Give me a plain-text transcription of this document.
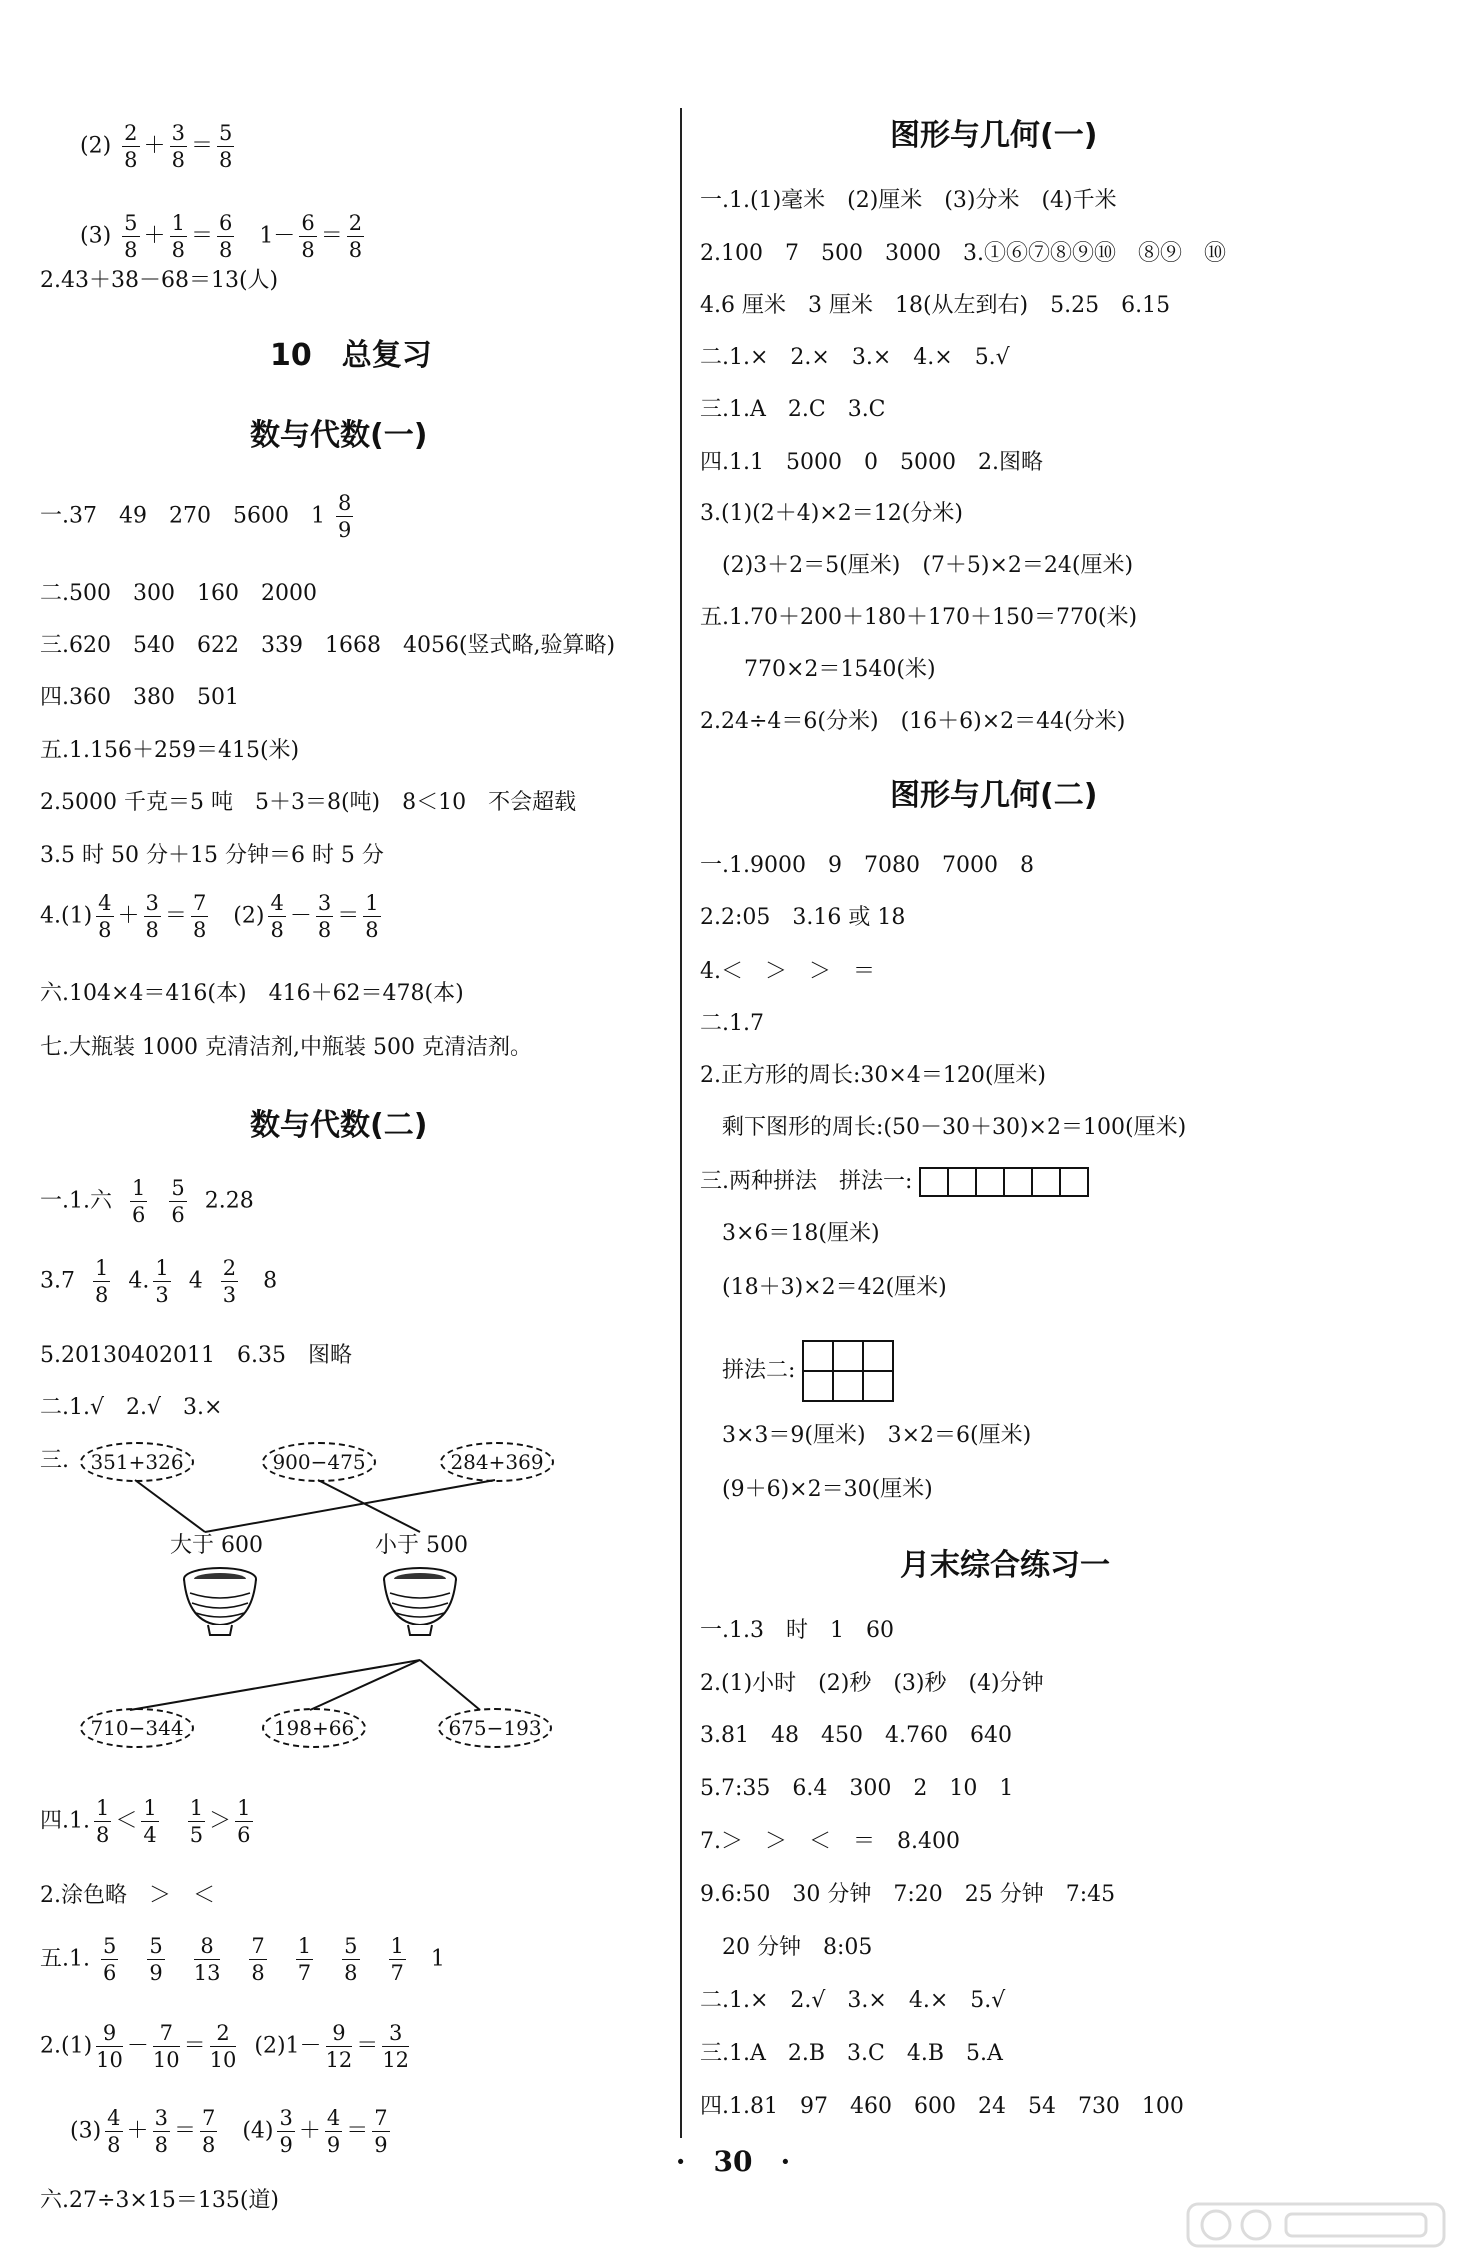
$(2) \frac{2}{8} + \frac{3}{8} = \frac{5}{8}$
$(3) \frac{5}{8} + \frac{1}{8} = \frac{6}{8} 1- \frac{6}{8} = \frac{2}{8}$
2.43＋38－68＝13(人)
10　总复习
数与代数(一)
一.37　49　270　5600　$1 \frac{8}{9}$
二.500　300　160　2000
三.620　540　622　339　1668　4056(竖式略,验算略)
四.360　380　501
五.1.156＋259＝415(米)
2.5000 千克＝5 吨　5＋3＝8(吨)　8＜10　不会超载
3.5 时 50 分＋15 分钟＝6 时 5 分
$4.(1) \frac{4}{8} + \frac{3}{8} = \frac{7}{8} (2) \frac{4}{8} - \frac{3}{8} = \frac{1}{8}$
六.104×4＝416(本)　416＋62＝478(本)
七.大瓶装 1000 克清洁剂,中瓶装 500 克清洁剂。
数与代数(二)
一.1.六 $\frac{1}{6}$
$\frac{5}{6} 2.28$
$3.7 \frac{1}{8} 4$. $\frac{1}{3} 4 \frac{2}{3} 8$
5.20130402011　6.35　图略
二.1.√　2.√　3.×
三.	351+326	900−475	284+369
大于 600	小于 500
710−344	198+66	675−193
四.1. $\frac{1}{8} < \frac{1}{4}$
$\frac{1}{5} > \frac{1}{6}$
2.涂色略　＞　＜
五.1. $\frac{5}{6}$
$\frac{5}{9}$
$\frac{8}{13}$
$\frac{7}{8}$
$\frac{1}{7}$
$\frac{5}{8}$
$\frac{1}{7} 1$
$2.(1) \frac{9}{10} - \frac{7}{10} = \frac{2}{10} (2)1- \frac{9}{12} = \frac{3}{12}$
$(3) \frac{4}{8} + \frac{3}{8} = \frac{7}{8} (4) \frac{3}{9} + \frac{4}{9} = \frac{7}{9}$
六.27÷3×15＝135(道)
图形与几何(一)
一.1.(1)毫米　(2)厘米　(3)分米　(4)千米
2.100　7　500　3000　3.①⑥⑦⑧⑨⑩　⑧⑨　⑩
4.6 厘米　3 厘米　18(从左到右)　5.25　6.15
二.1.×　2.×　3.×　4.×　5.√
三.1.A　2.C　3.C
四.1.1　5000　0　5000　2.图略
3.(1)(2＋4)×2＝12(分米)
　(2)3＋2＝5(厘米)　(7＋5)×2＝24(厘米)
五.1.70＋200＋180＋170＋150＝770(米)
　　770×2＝1540(米)
2.24÷4＝6(分米)　(16＋6)×2＝44(分米)
图形与几何(二)
一.1.9000　9　7080　7000　8
2.2:05　3.16 或 18
4.＜　＞　＞　＝
二.1.7
2.正方形的周长:30×4＝120(厘米)
　剩下图形的周长:(50－30＋30)×2＝100(厘米)
三.两种拼法　拼法一:					
　3×6＝18(厘米)
　(18＋3)×2＝42(厘米)
　拼法二:		

　3×3＝9(厘米)　3×2＝6(厘米)
　(9＋6)×2＝30(厘米)
月末综合练习一
一.1.3　时　1　60
2.(1)小时　(2)秒　(3)秒　(4)分钟
3.81　48　450　4.760　640
5.7:35　6.4　300　2　10　1
7.＞　＞　＜　＝　8.400
9.6:50　30 分钟　7:20　25 分钟　7:45
　20 分钟　8:05
二.1.×　2.√　3.×　4.×　5.√
三.1.A　2.B　3.C　4.B　5.A
四.1.81　97　460　600　24　54　730　100
·　30　·
